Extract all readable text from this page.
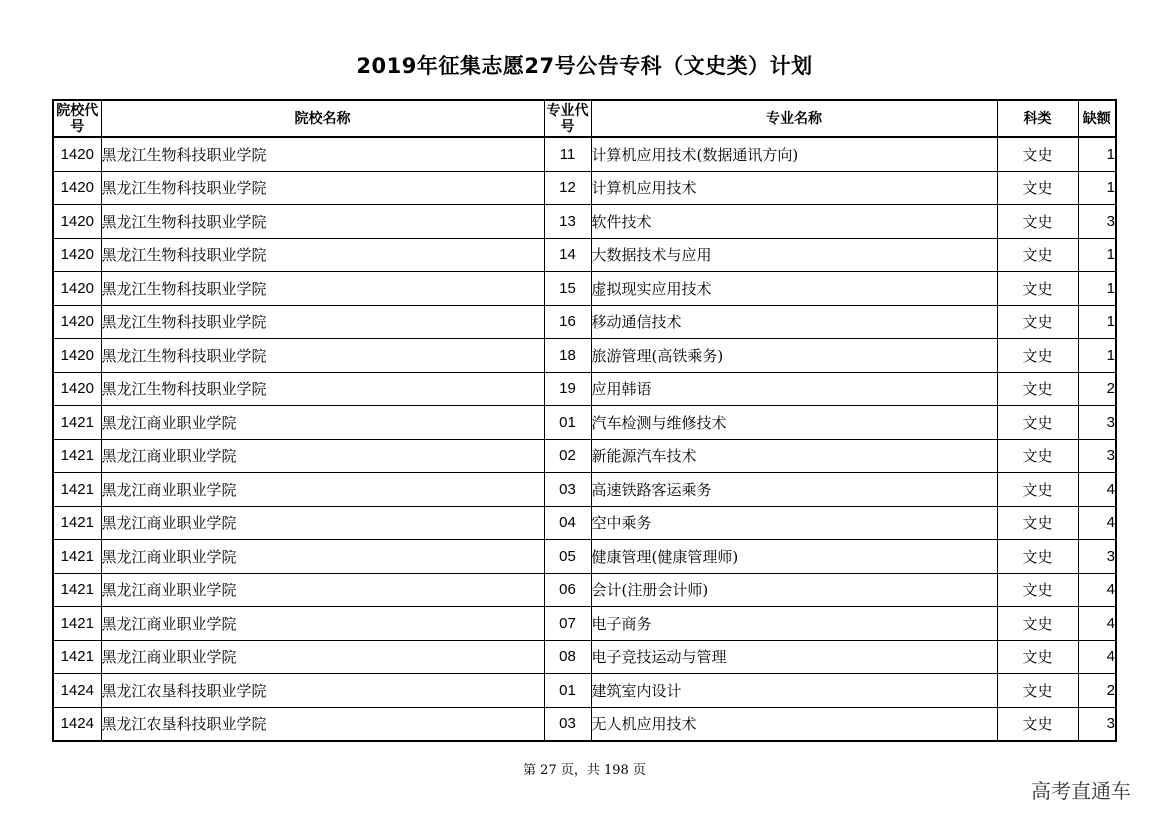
2019年征集志愿27号公告专科（文史类）计划
院校代号	院校名称	专业代号	专业名称	科类	缺额
1420	黑龙江生物科技职业学院	11	计算机应用技术(数据通讯方向)	文史	1
1420	黑龙江生物科技职业学院	12	计算机应用技术	文史	1
1420	黑龙江生物科技职业学院	13	软件技术	文史	3
1420	黑龙江生物科技职业学院	14	大数据技术与应用	文史	1
1420	黑龙江生物科技职业学院	15	虚拟现实应用技术	文史	1
1420	黑龙江生物科技职业学院	16	移动通信技术	文史	1
1420	黑龙江生物科技职业学院	18	旅游管理(高铁乘务)	文史	1
1420	黑龙江生物科技职业学院	19	应用韩语	文史	2
1421	黑龙江商业职业学院	01	汽车检测与维修技术	文史	3
1421	黑龙江商业职业学院	02	新能源汽车技术	文史	3
1421	黑龙江商业职业学院	03	高速铁路客运乘务	文史	4
1421	黑龙江商业职业学院	04	空中乘务	文史	4
1421	黑龙江商业职业学院	05	健康管理(健康管理师)	文史	3
1421	黑龙江商业职业学院	06	会计(注册会计师)	文史	4
1421	黑龙江商业职业学院	07	电子商务	文史	4
1421	黑龙江商业职业学院	08	电子竞技运动与管理	文史	4
1424	黑龙江农垦科技职业学院	01	建筑室内设计	文史	2
1424	黑龙江农垦科技职业学院	03	无人机应用技术	文史	3
第 27 页，共 198 页
高考直通车
